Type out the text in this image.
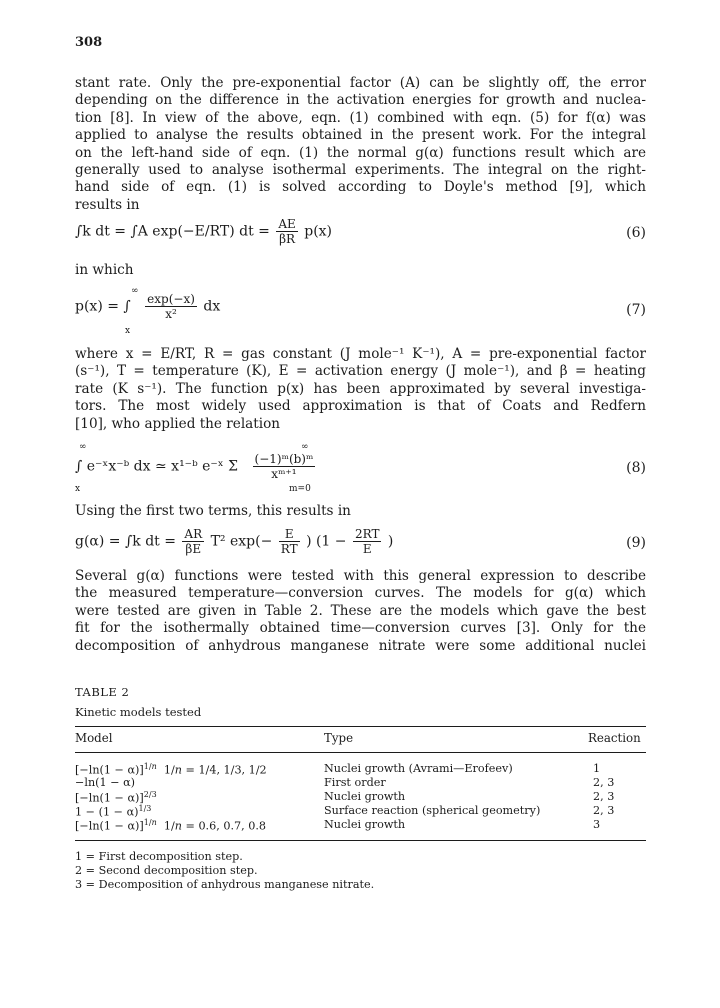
308
stant rate. Only the pre-exponential factor (A) can be slightly off, the error
depending on the difference in the activation energies for growth and nuclea-
tion [8]. In view of the above, eqn. (1) combined with eqn. (5) for f(α) was
applied to analyse the results obtained in the present work. For the integral
on the left-hand side of eqn. (1) the normal g(α) functions result which are
generally used to analyse isothermal experiments. The integral on the right-
hand side of eqn. (1) is solved according to Doyle's method [9], which
results in
∫k dt = ∫A exp(−E/RT) dt = $\frac{AE}{\beta R} p(x)$	(6)
in which
p(x) = ∫ $\frac{\exp(-x)}{\text{x²}}$ dx
∞
x
(7)
where x = E/RT, R = gas constant (J mole⁻¹ K⁻¹), A = pre-exponential factor
(s⁻¹), T = temperature (K), E = activation energy (J mole⁻¹), and β = heating
rate (K s⁻¹). The function p(x) has been approximated by several investiga-
tors. The most widely used approximation is that of Coats and Redfern
[10], who applied the relation
∫ e⁻ˣx⁻ᵇ dx ≃ x¹⁻ᵇ e⁻ˣ Σ $\frac{\text{(−1)ᵐ(b)ᵐ}}{\text{xᵐ⁺¹}}$
∞
x
∞
m=0
(8)
Using the first two terms, this results in
g(α) = ∫k dt = $\frac{AR}{\beta E} T^2$ $\exp(- \frac{E}{RT}$ ) ($1 - \frac{2RT}{E}$ )	(9)
Several g(α) functions were tested with this general expression to describe
the measured temperature—conversion curves. The models for g(α) which
were tested are given in Table 2. These are the models which gave the best
fit for the isothermally obtained time—conversion curves [3]. Only for the
decomposition of anhydrous manganese nitrate were some additional nuclei
TABLE 2
Kinetic models tested
Model	Type	Reaction
$[-\ln(1 - \alpha)]^{1/n}$  1/n = 1/4, 1/3, 1/2	Nuclei growth (Avrami—Erofeev)	1
−ln(1 − α)	First order	2, 3
$[-\ln(1 - \alpha)]^{2/3}$	Nuclei growth	2, 3
$1 - (1 - \alpha)^{1/3}$	Surface reaction (spherical geometry)	2, 3
$[-\ln(1 - \alpha)]^{1/n}$  1/n = 0.6, 0.7, 0.8	Nuclei growth	3
1 = First decomposition step.
2 = Second decomposition step.
3 = Decomposition of anhydrous manganese nitrate.
